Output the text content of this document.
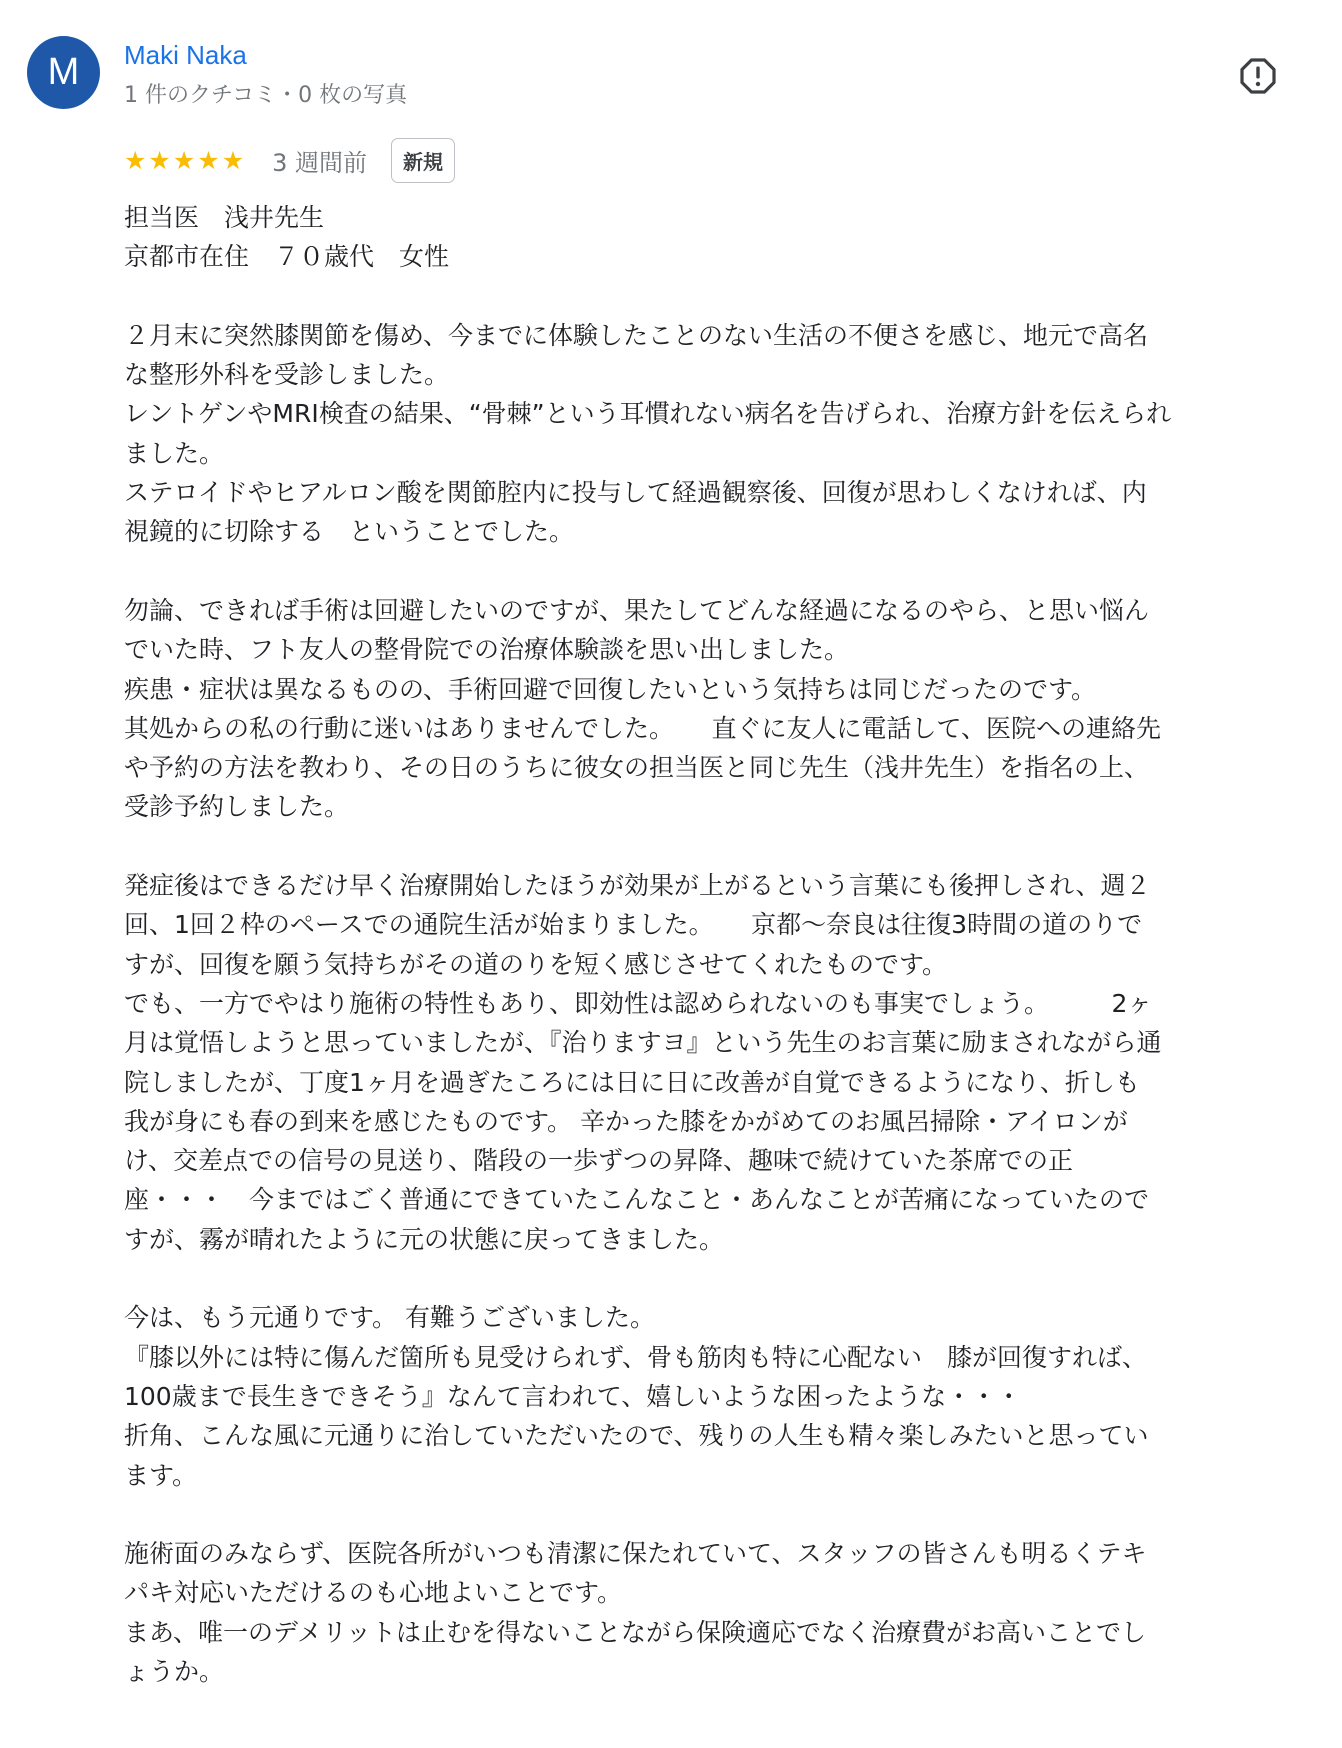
M	Maki Naka
1 件のクチコミ・0 枚の写真
★ ★ ★ ★ ★ 3 週間前	新規

担当医　浅井先生

京都市在住　７０歳代　女性

２月末に突然膝関節を傷め、今までに体験したことのない生活の不便さを感じ、地元で高名

な整形外科を受診しました。

レントゲンやMRI検査の結果、“骨棘”という耳慣れない病名を告げられ、治療方針を伝えられ

ました。

ステロイドやヒアルロン酸を関節腔内に投与して経過観察後、回復が思わしくなければ、内

視鏡的に切除する　ということでした。

勿論、できれば手術は回避したいのですが、果たしてどんな経過になるのやら、と思い悩ん

でいた時、フト友人の整骨院での治療体験談を思い出しました。

疾患・症状は異なるものの、手術回避で回復したいという気持ちは同じだったのです。

其処からの私の行動に迷いはありませんでした。　　直ぐに友人に電話して、医院への連絡先

や予約の方法を教わり、その日のうちに彼女の担当医と同じ先生（浅井先生）を指名の上、

受診予約しました。

発症後はできるだけ早く治療開始したほうが効果が上がるという言葉にも後押しされ、週２

回、1回２枠のペースでの通院生活が始まりました。　　京都〜奈良は往復3時間の道のりで

すが、回復を願う気持ちがその道のりを短く感じさせてくれたものです。

でも、一方でやはり施術の特性もあり、即効性は認められないのも事実でしょう。　　　2ヶ

月は覚悟しようと思っていましたが、『治りますヨ』という先生のお言葉に励まされながら通

院しましたが、丁度1ヶ月を過ぎたころには日に日に改善が自覚できるようになり、折しも

我が身にも春の到来を感じたものです。 辛かった膝をかがめてのお風呂掃除・アイロンが

け、交差点での信号の見送り、階段の一歩ずつの昇降、趣味で続けていた茶席での正

座・・・　今まではごく普通にできていたこんなこと・あんなことが苦痛になっていたので

すが、霧が晴れたように元の状態に戻ってきました。

今は、もう元通りです。 有難うございました。

『膝以外には特に傷んだ箇所も見受けられず、骨も筋肉も特に心配ない　膝が回復すれば、

100歳まで長生きできそう』なんて言われて、嬉しいような困ったような・・・

折角、こんな風に元通りに治していただいたので、残りの人生も精々楽しみたいと思ってい

ます。

施術面のみならず、医院各所がいつも清潔に保たれていて、スタッフの皆さんも明るくテキ

パキ対応いただけるのも心地よいことです。

まあ、唯一のデメリットは止むを得ないことながら保険適応でなく治療費がお高いことでし

ょうか。
